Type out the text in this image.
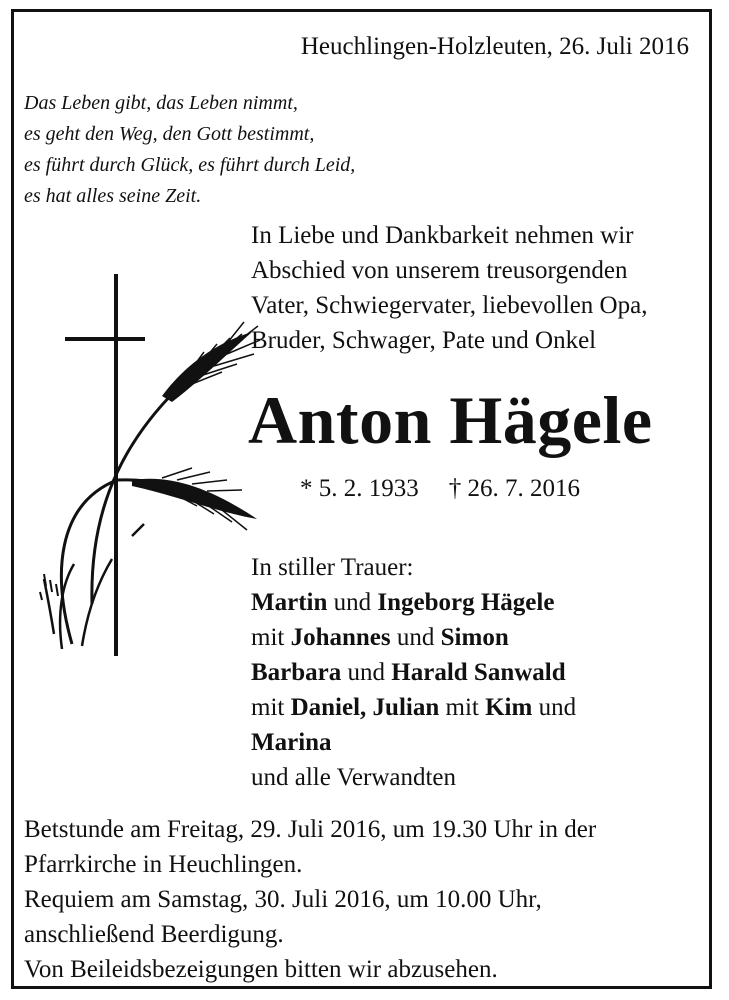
Heuchlingen-Holzleuten, 26. Juli 2016
Das Leben gibt, das Leben nimmt,
es geht den Weg, den Gott bestimmt,
es führt durch Glück, es führt durch Leid,
es hat alles seine Zeit.
In Liebe und Dankbarkeit nehmen wir
Abschied von unserem treusorgenden
Vater, Schwiegervater, liebevollen Opa,
Bruder, Schwager, Pate und Onkel
Anton Hägele
* 5. 2. 1933 † 26. 7. 2016
In stiller Trauer:
Martin und Ingeborg Hägele
mit Johannes und Simon
Barbara und Harald Sanwald
mit Daniel, Julian mit Kim und
Marina
und alle Verwandten
Betstunde am Freitag, 29. Juli 2016, um 19.30 Uhr in der
Pfarrkirche in Heuchlingen.
Requiem am Samstag, 30. Juli 2016, um 10.00 Uhr,
anschließend Beerdigung.
Von Beileidsbezeigungen bitten wir abzusehen.
